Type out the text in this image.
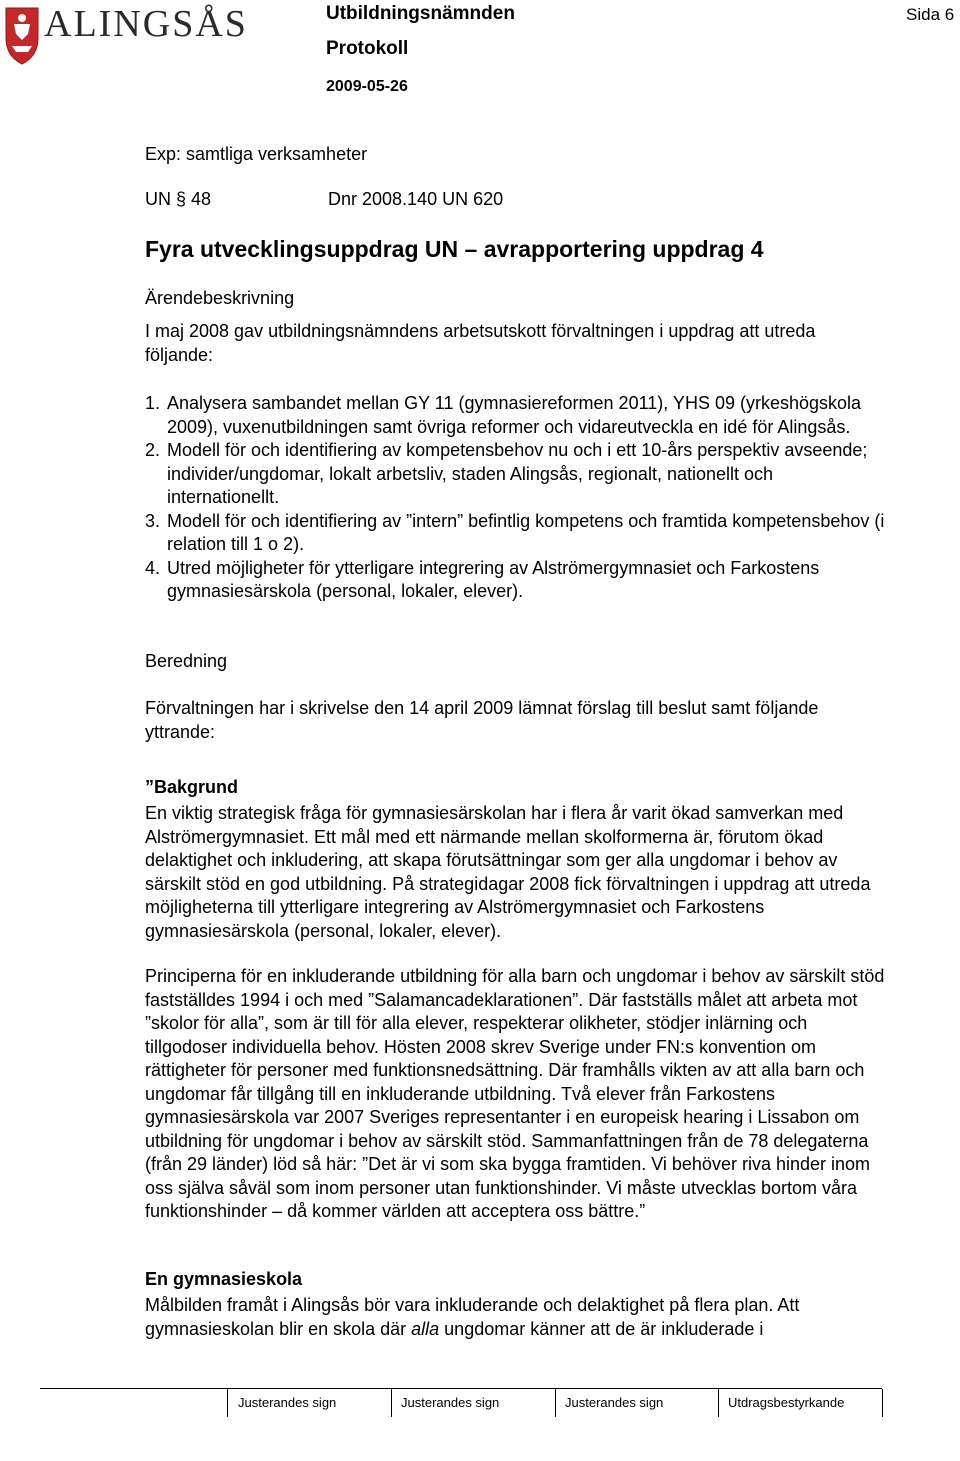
ALINGSÅS	Utbildningsnämnden
Protokoll
2009-05-26
Sida 6
Exp: samtliga verksamheter
UN § 48	Dnr 2008.140 UN 620
Fyra utvecklingsuppdrag UN – avrapportering uppdrag 4
Ärendebeskrivning
I maj 2008 gav utbildningsnämndens arbetsutskott förvaltningen i uppdrag att utreda följande:
1. Analysera sambandet mellan GY 11 (gymnasiereformen 2011), YHS 09 (yrkeshögskola 2009), vuxenutbildningen samt övriga reformer och vidareutveckla en idé för Alingsås.
2. Modell för och identifiering av kompetensbehov nu och i ett 10-års perspektiv avseende; individer/ungdomar, lokalt arbetsliv, staden Alingsås, regionalt, nationellt och internationellt.
3. Modell för och identifiering av ”intern” befintlig kompetens och framtida kompetensbehov (i relation till 1 o 2).
4. Utred möjligheter för ytterligare integrering av Alströmergymnasiet och Farkostens gymnasiesärskola (personal, lokaler, elever).
Beredning
Förvaltningen har i skrivelse den 14 april 2009 lämnat förslag till beslut samt följande yttrande:
”Bakgrund
En viktig strategisk fråga för gymnasiesärskolan har i flera år varit ökad samverkan med Alströmergymnasiet. Ett mål med ett närmande mellan skolformerna är, förutom ökad delaktighet och inkludering, att skapa förutsättningar som ger alla ungdomar i behov av särskilt stöd en god utbildning. På strategidagar 2008 fick förvaltningen i uppdrag att utreda möjligheterna till ytterligare integrering av Alströmergymnasiet och Farkostens gymnasiesärskola (personal, lokaler, elever).
Principerna för en inkluderande utbildning för alla barn och ungdomar i behov av särskilt stöd fastställdes 1994 i och med ”Salamancadeklarationen”. Där fastställs målet att arbeta mot ”skolor för alla”, som är till för alla elever, respekterar olikheter, stödjer inlärning och tillgodoser individuella behov. Hösten 2008 skrev Sverige under FN:s konvention om rättigheter för personer med funktionsnedsättning. Där framhålls vikten av att alla barn och ungdomar får tillgång till en inkluderande utbildning. Två elever från Farkostens gymnasiesärskola var 2007 Sveriges representanter i en europeisk hearing i Lissabon om utbildning för ungdomar i behov av särskilt stöd. Sammanfattningen från de 78 delegaterna (från 29 länder) löd så här: ”Det är vi som ska bygga framtiden. Vi behöver riva hinder inom oss själva såväl som inom personer utan funktionshinder. Vi måste utvecklas bortom våra funktionshinder – då kommer världen att acceptera oss bättre.”
En gymnasieskola
Målbilden framåt i Alingsås bör vara inkluderande och delaktighet på flera plan. Att gymnasieskolan blir en skola där alla ungdomar känner att de är inkluderade i
Justerandes sign	Justerandes sign	Justerandes sign	Utdragsbestyrkande
